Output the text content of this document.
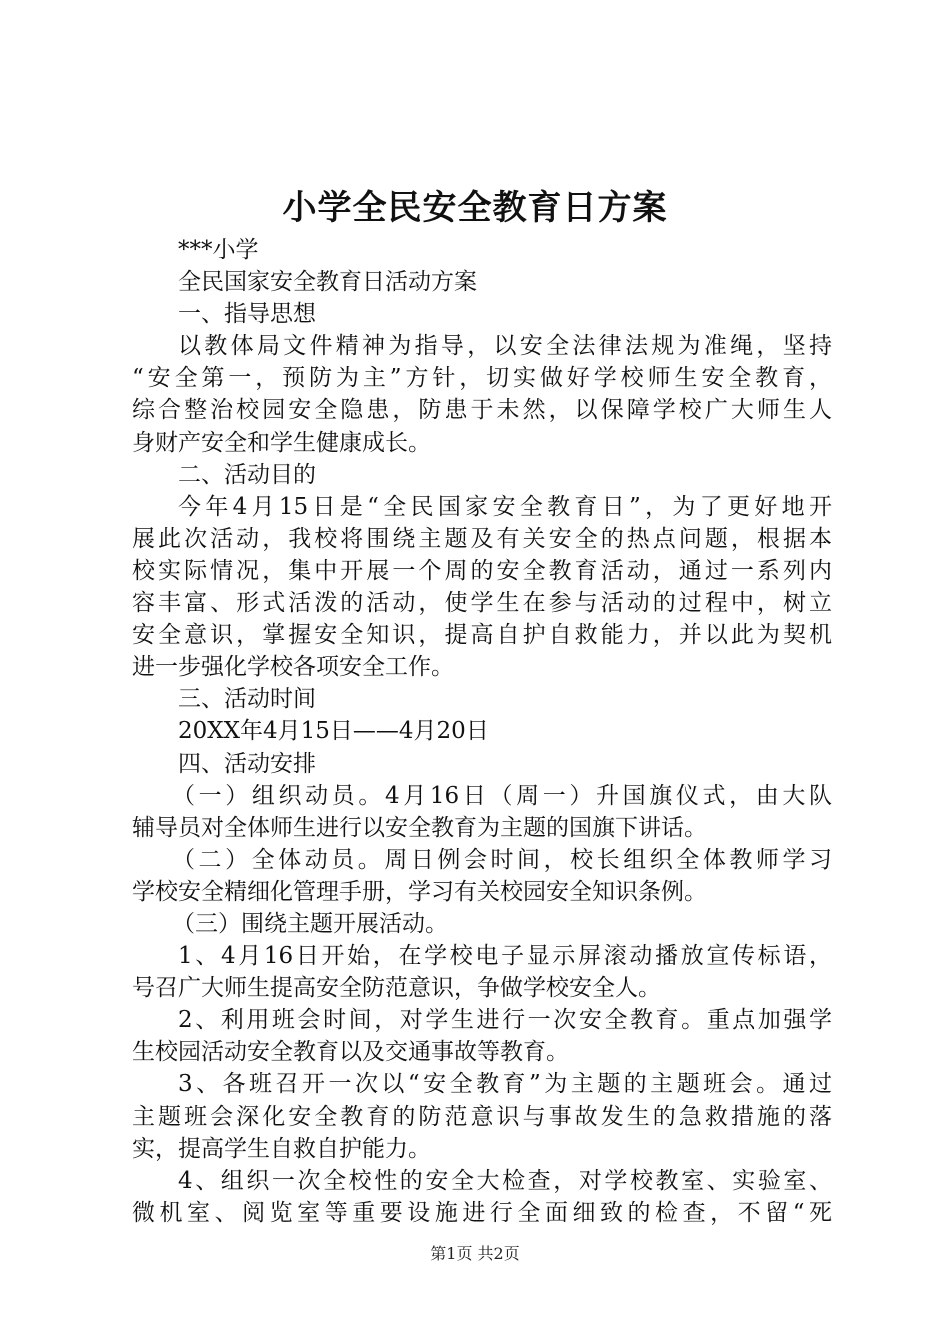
小学全民安全教育日方案
***小学
全民国家安全教育日活动方案
一、指导思想
以教体局文件精神为指导，以安全法律法规为准绳，坚持
“安全第一，预防为主”方针，切实做好学校师生安全教育，
综合整治校园安全隐患，防患于未然，以保障学校广大师生人
身财产安全和学生健康成长。
二、活动目的
今年4月15日是“全民国家安全教育日”，为了更好地开
展此次活动，我校将围绕主题及有关安全的热点问题，根据本
校实际情况，集中开展一个周的安全教育活动，通过一系列内
容丰富、形式活泼的活动，使学生在参与活动的过程中，树立
安全意识，掌握安全知识，提高自护自救能力，并以此为契机
进一步强化学校各项安全工作。
三、活动时间
20XX年4月15日——4月20日
四、活动安排
（一）组织动员。4月16日（周一）升国旗仪式，由大队
辅导员对全体师生进行以安全教育为主题的国旗下讲话。
（二）全体动员。周日例会时间，校长组织全体教师学习
学校安全精细化管理手册，学习有关校园安全知识条例。
（三）围绕主题开展活动。
1、4月16日开始，在学校电子显示屏滚动播放宣传标语，
号召广大师生提高安全防范意识，争做学校安全人。
2、利用班会时间，对学生进行一次安全教育。重点加强学
生校园活动安全教育以及交通事故等教育。
3、各班召开一次以“安全教育”为主题的主题班会。通过
主题班会深化安全教育的防范意识与事故发生的急救措施的落
实，提高学生自救自护能力。
4、组织一次全校性的安全大检查，对学校教室、实验室、
微机室、阅览室等重要设施进行全面细致的检查，不留“死
第1页 共2页
